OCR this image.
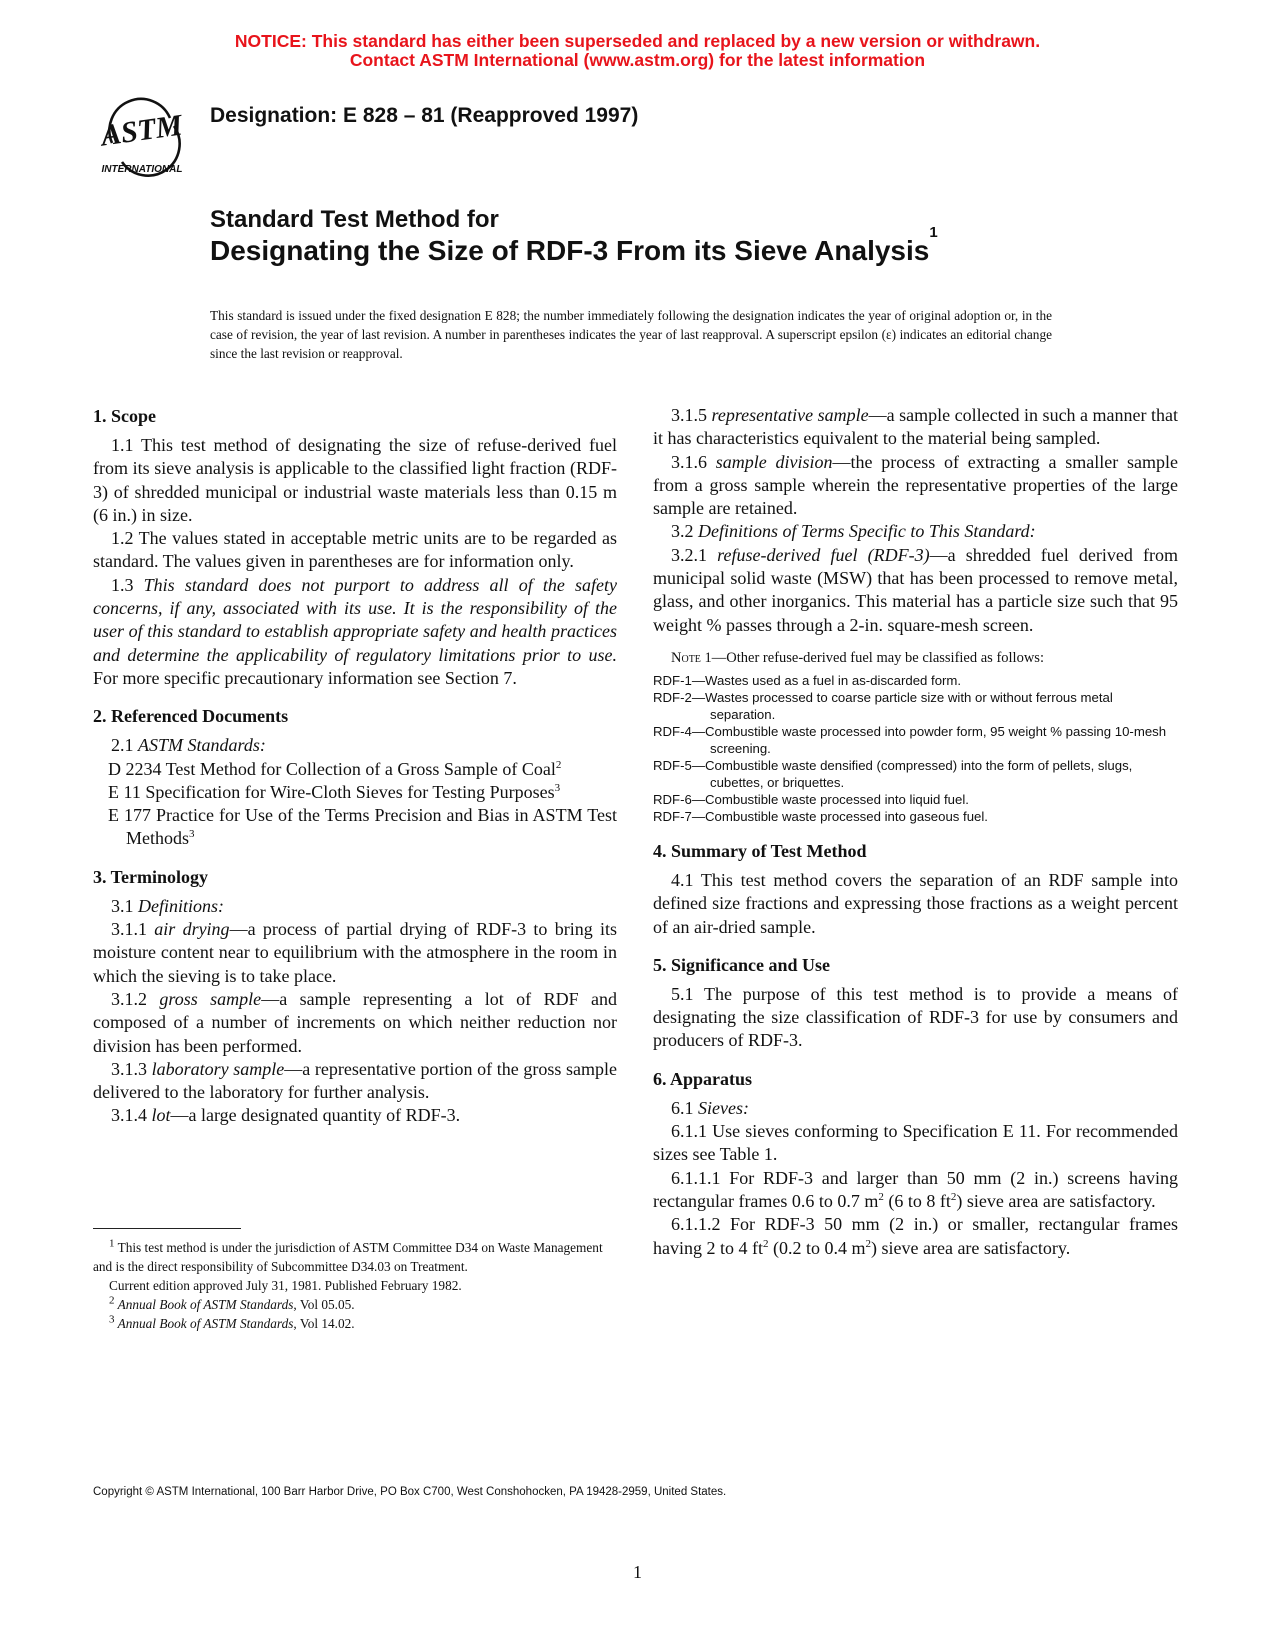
NOTICE: This standard has either been superseded and replaced by a new version or withdrawn.
Contact ASTM International (www.astm.org) for the latest information
ASTM
INTERNATIONAL
Designation: E 828 – 81 (Reapproved 1997)
Standard Test Method for
Designating the Size of RDF-3 From its Sieve Analysis$^1$
This standard is issued under the fixed designation E 828; the number immediately following the designation indicates the year of original adoption or, in the case of revision, the year of last revision. A number in parentheses indicates the year of last reapproval. A superscript epsilon (ε) indicates an editorial change since the last revision or reapproval.
1. Scope

1.1 This test method of designating the size of refuse-derived fuel from its sieve analysis is applicable to the classified light fraction (RDF-3) of shredded municipal or industrial waste materials less than 0.15 m (6 in.) in size.

1.2 The values stated in acceptable metric units are to be regarded as standard. The values given in parentheses are for information only.

1.3 This standard does not purport to address all of the safety concerns, if any, associated with its use. It is the responsibility of the user of this standard to establish appropriate safety and health practices and determine the applicability of regulatory limitations prior to use. For more specific precautionary information see Section 7.

2. Referenced Documents

2.1 ASTM Standards:

D 2234 Test Method for Collection of a Gross Sample of Coal$^2$
E 11 Specification for Wire-Cloth Sieves for Testing Purposes$^3$
E 177 Practice for Use of the Terms Precision and Bias in ASTM Test Methods$^3$
3. Terminology

3.1 Definitions:

3.1.1 air drying—a process of partial drying of RDF-3 to bring its moisture content near to equilibrium with the atmosphere in the room in which the sieving is to take place.

3.1.2 gross sample—a sample representing a lot of RDF and composed of a number of increments on which neither reduction nor division has been performed.

3.1.3 laboratory sample—a representative portion of the gross sample delivered to the laboratory for further analysis.

3.1.4 lot—a large designated quantity of RDF-3.

$^1$ This test method is under the jurisdiction of ASTM Committee D34 on Waste Management and is the direct responsibility of Subcommittee D34.03 on Treatment.

Current edition approved July 31, 1981. Published February 1982.

$^2$ Annual Book of ASTM Standards, Vol 05.05.

$^3$ Annual Book of ASTM Standards, Vol 14.02.

3.1.5 representative sample—a sample collected in such a manner that it has characteristics equivalent to the material being sampled.

3.1.6 sample division—the process of extracting a smaller sample from a gross sample wherein the representative properties of the large sample are retained.

3.2 Definitions of Terms Specific to This Standard:

3.2.1 refuse-derived fuel (RDF-3)—a shredded fuel derived from municipal solid waste (MSW) that has been processed to remove metal, glass, and other inorganics. This material has a particle size such that 95 weight % passes through a 2-in. square-mesh screen.

Note 1—Other refuse-derived fuel may be classified as follows:
RDF-1—Wastes used as a fuel in as-discarded form.
RDF-2—Wastes processed to coarse particle size with or without ferrous metal separation.
RDF-4—Combustible waste processed into powder form, 95 weight % passing 10-mesh screening.
RDF-5—Combustible waste densified (compressed) into the form of pellets, slugs, cubettes, or briquettes.
RDF-6—Combustible waste processed into liquid fuel.
RDF-7—Combustible waste processed into gaseous fuel.
4. Summary of Test Method

4.1 This test method covers the separation of an RDF sample into defined size fractions and expressing those fractions as a weight percent of an air-dried sample.

5. Significance and Use

5.1 The purpose of this test method is to provide a means of designating the size classification of RDF-3 for use by consumers and producers of RDF-3.

6. Apparatus

6.1 Sieves:

6.1.1 Use sieves conforming to Specification E 11. For recommended sizes see Table 1.

6.1.1.1 For RDF-3 and larger than 50 mm (2 in.) screens having rectangular frames 0.6 to 0.7 $m^2$ (6 to 8 $ft^2$) sieve area are satisfactory.

6.1.1.2 For RDF-3 50 mm (2 in.) or smaller, rectangular frames having 2 to 4 $ft^2$ (0.2 to 0.4 $m^2$) sieve area are satisfactory.

Copyright © ASTM International, 100 Barr Harbor Drive, PO Box C700, West Conshohocken, PA 19428-2959, United States.
1
